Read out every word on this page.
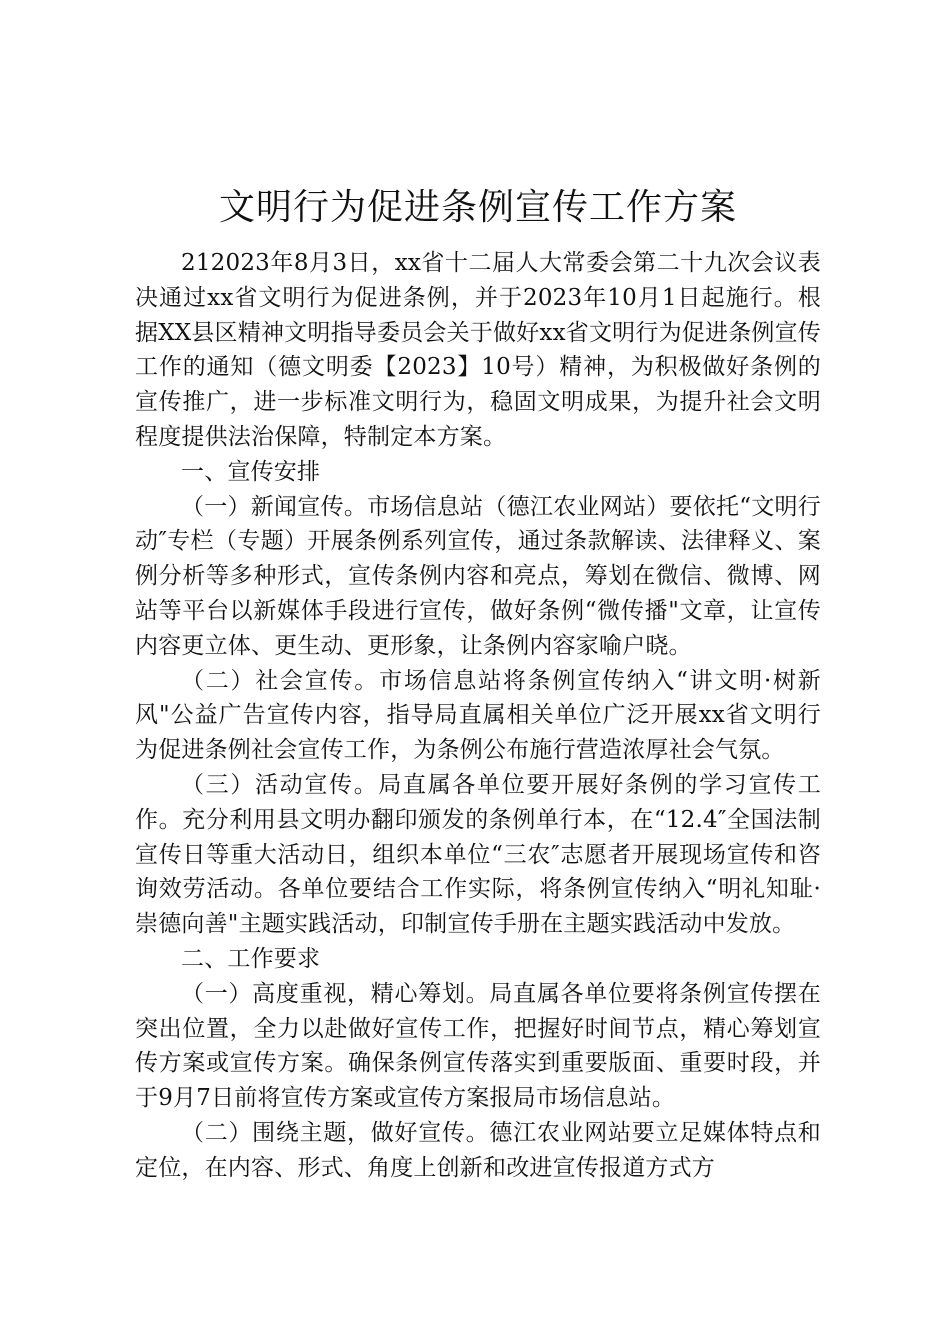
文明行为促进条例宣传工作方案

212023年8月3日，xx省十二届人大常委会第二十九次会议表决通过xx省文明行为促进条例，并于2023年10月1日起施行。根据XX县区精神文明指导委员会关于做好xx省文明行为促进条例宣传工作的通知（德文明委【2023】10号）精神，为积极做好条例的宣传推广，进一步标准文明行为，稳固文明成果，为提升社会文明程度提供法治保障，特制定本方案。

一、宣传安排

（一）新闻宣传。市场信息站（德江农业网站）要依托“文明行动″专栏（专题）开展条例系列宣传，通过条款解读、法律释义、案例分析等多种形式，宣传条例内容和亮点，筹划在微信、微博、网站等平台以新媒体手段进行宣传，做好条例“微传播"文章，让宣传内容更立体、更生动、更形象，让条例内容家喻户晓。

（二）社会宣传。市场信息站将条例宣传纳入“讲文明·树新风"公益广告宣传内容，指导局直属相关单位广泛开展xx省文明行为促进条例社会宣传工作，为条例公布施行营造浓厚社会气氛。

（三）活动宣传。局直属各单位要开展好条例的学习宣传工作。充分利用县文明办翻印颁发的条例单行本，在“12.4″全国法制宣传日等重大活动日，组织本单位“三农″志愿者开展现场宣传和咨询效劳活动。各单位要结合工作实际，将条例宣传纳入“明礼知耻·崇德向善"主题实践活动，印制宣传手册在主题实践活动中发放。

二、工作要求

（一）高度重视，精心筹划。局直属各单位要将条例宣传摆在突出位置，全力以赴做好宣传工作，把握好时间节点，精心筹划宣传方案或宣传方案。确保条例宣传落实到重要版面、重要时段，并于9月7日前将宣传方案或宣传方案报局市场信息站。

（二）围绕主题，做好宣传。德江农业网站要立足媒体特点和定位，在内容、形式、角度上创新和改进宣传报道方式方
